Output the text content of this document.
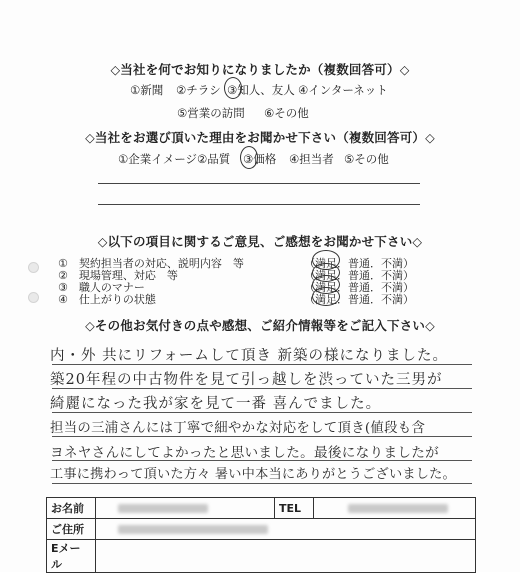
◇当社を何でお知りになりましたか（複数回答可）◇
①新聞 ②チラシ ③知人、友人 ④インターネット
⑤営業の訪問 ⑥その他
◇当社をお選び頂いた理由をお聞かせ下さい（複数回答可）◇
①企業イメージ ②品質 ③価格 ④担当者 ⑤その他
◇以下の項目に関するご意見、ご感想をお聞かせ下さい◇
①　契約担当者の対応、説明内容　等	（満足．普通．不満）
②　現場管理、対応　等	（満足．普通．不満）
③　職人のマナー	（満足．普通．不満）
④　仕上がりの状態	（満足．普通．不満）
◇その他お気付きの点や感想、ご紹介情報等をご記入下さい◇
内・外 共にリフォームして頂き 新築の様になりました。
築20年程の中古物件を見て引っ越しを渋っていた三男が
綺麗になった我が家を見て一番 喜んでました。
担当の三浦さんには丁寧で細やかな対応をして頂き(値段も含
ヨネヤさんにしてよかったと思いました。最後になりましたが
工事に携わって頂いた方々 暑い中本当にありがとうございました。
お名前		TEL	
ご住所			
Eメール			
